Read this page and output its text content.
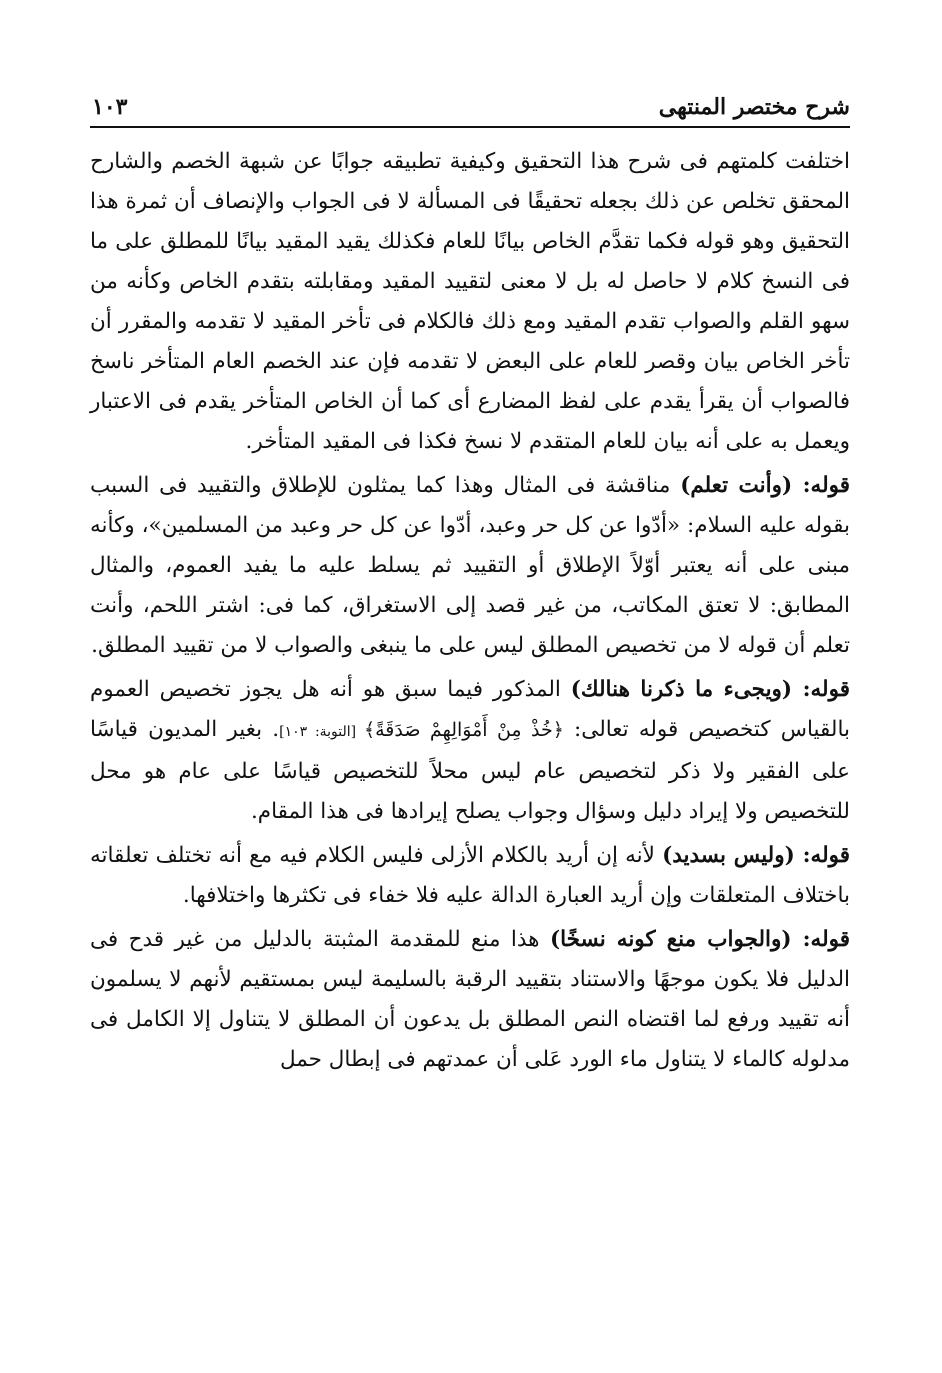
شرح مختصر المنتهى
١٠٣

اختلفت كلمتهم فى شرح هذا التحقيق وكيفية تطبيقه جوابًا عن شبهة الخصم والشارح المحقق تخلص عن ذلك بجعله تحقيقًا فى المسألة لا فى الجواب والإنصاف أن ثمرة هذا التحقيق وهو قوله فكما تقدَّم الخاص بيانًا للعام فكذلك يقيد المقيد بيانًا للمطلق على ما فى النسخ كلام لا حاصل له بل لا معنى لتقييد المقيد ومقابلته بتقدم الخاص وكأنه من سهو القلم والصواب تقدم المقيد ومع ذلك فالكلام فى تأخر المقيد لا تقدمه والمقرر أن تأخر الخاص بيان وقصر للعام على البعض لا تقدمه فإن عند الخصم العام المتأخر ناسخ فالصواب أن يقرأ يقدم على لفظ المضارع أى كما أن الخاص المتأخر يقدم فى الاعتبار ويعمل به على أنه بيان للعام المتقدم لا نسخ فكذا فى المقيد المتأخر.

قوله: (وأنت تعلم) مناقشة فى المثال وهذا كما يمثلون للإطلاق والتقييد فى السبب بقوله عليه السلام: «أدّوا عن كل حر وعبد، أدّوا عن كل حر وعبد من المسلمين»، وكأنه مبنى على أنه يعتبر أوّلاً الإطلاق أو التقييد ثم يسلط عليه ما يفيد العموم، والمثال المطابق: لا تعتق المكاتب، من غير قصد إلى الاستغراق، كما فى: اشتر اللحم، وأنت تعلم أن قوله لا من تخصيص المطلق ليس على ما ينبغى والصواب لا من تقييد المطلق.

قوله: (ويجىء ما ذكرنا هنالك) المذكور فيما سبق هو أنه هل يجوز تخصيص العموم بالقياس كتخصيص قوله تعالى: ﴿خُذْ مِنْ أَمْوَالِهِمْ صَدَقَةً﴾ [التوبة: ١٠٣]. بغير المديون قياسًا على الفقير ولا ذكر لتخصيص عام ليس محلاً للتخصيص قياسًا على عام هو محل للتخصيص ولا إيراد دليل وسؤال وجواب يصلح إيرادها فى هذا المقام.

قوله: (وليس بسديد) لأنه إن أريد بالكلام الأزلى فليس الكلام فيه مع أنه تختلف تعلقاته باختلاف المتعلقات وإن أريد العبارة الدالة عليه فلا خفاء فى تكثرها واختلافها.

قوله: (والجواب منع كونه نسخًا) هذا منع للمقدمة المثبتة بالدليل من غير قدح فى الدليل فلا يكون موجهًا والاستناد بتقييد الرقبة بالسليمة ليس بمستقيم لأنهم لا يسلمون أنه تقييد ورفع لما اقتضاه النص المطلق بل يدعون أن المطلق لا يتناول إلا الكامل فى مدلوله كالماء لا يتناول ماء الورد عَلى أن عمدتهم فى إبطال حمل
